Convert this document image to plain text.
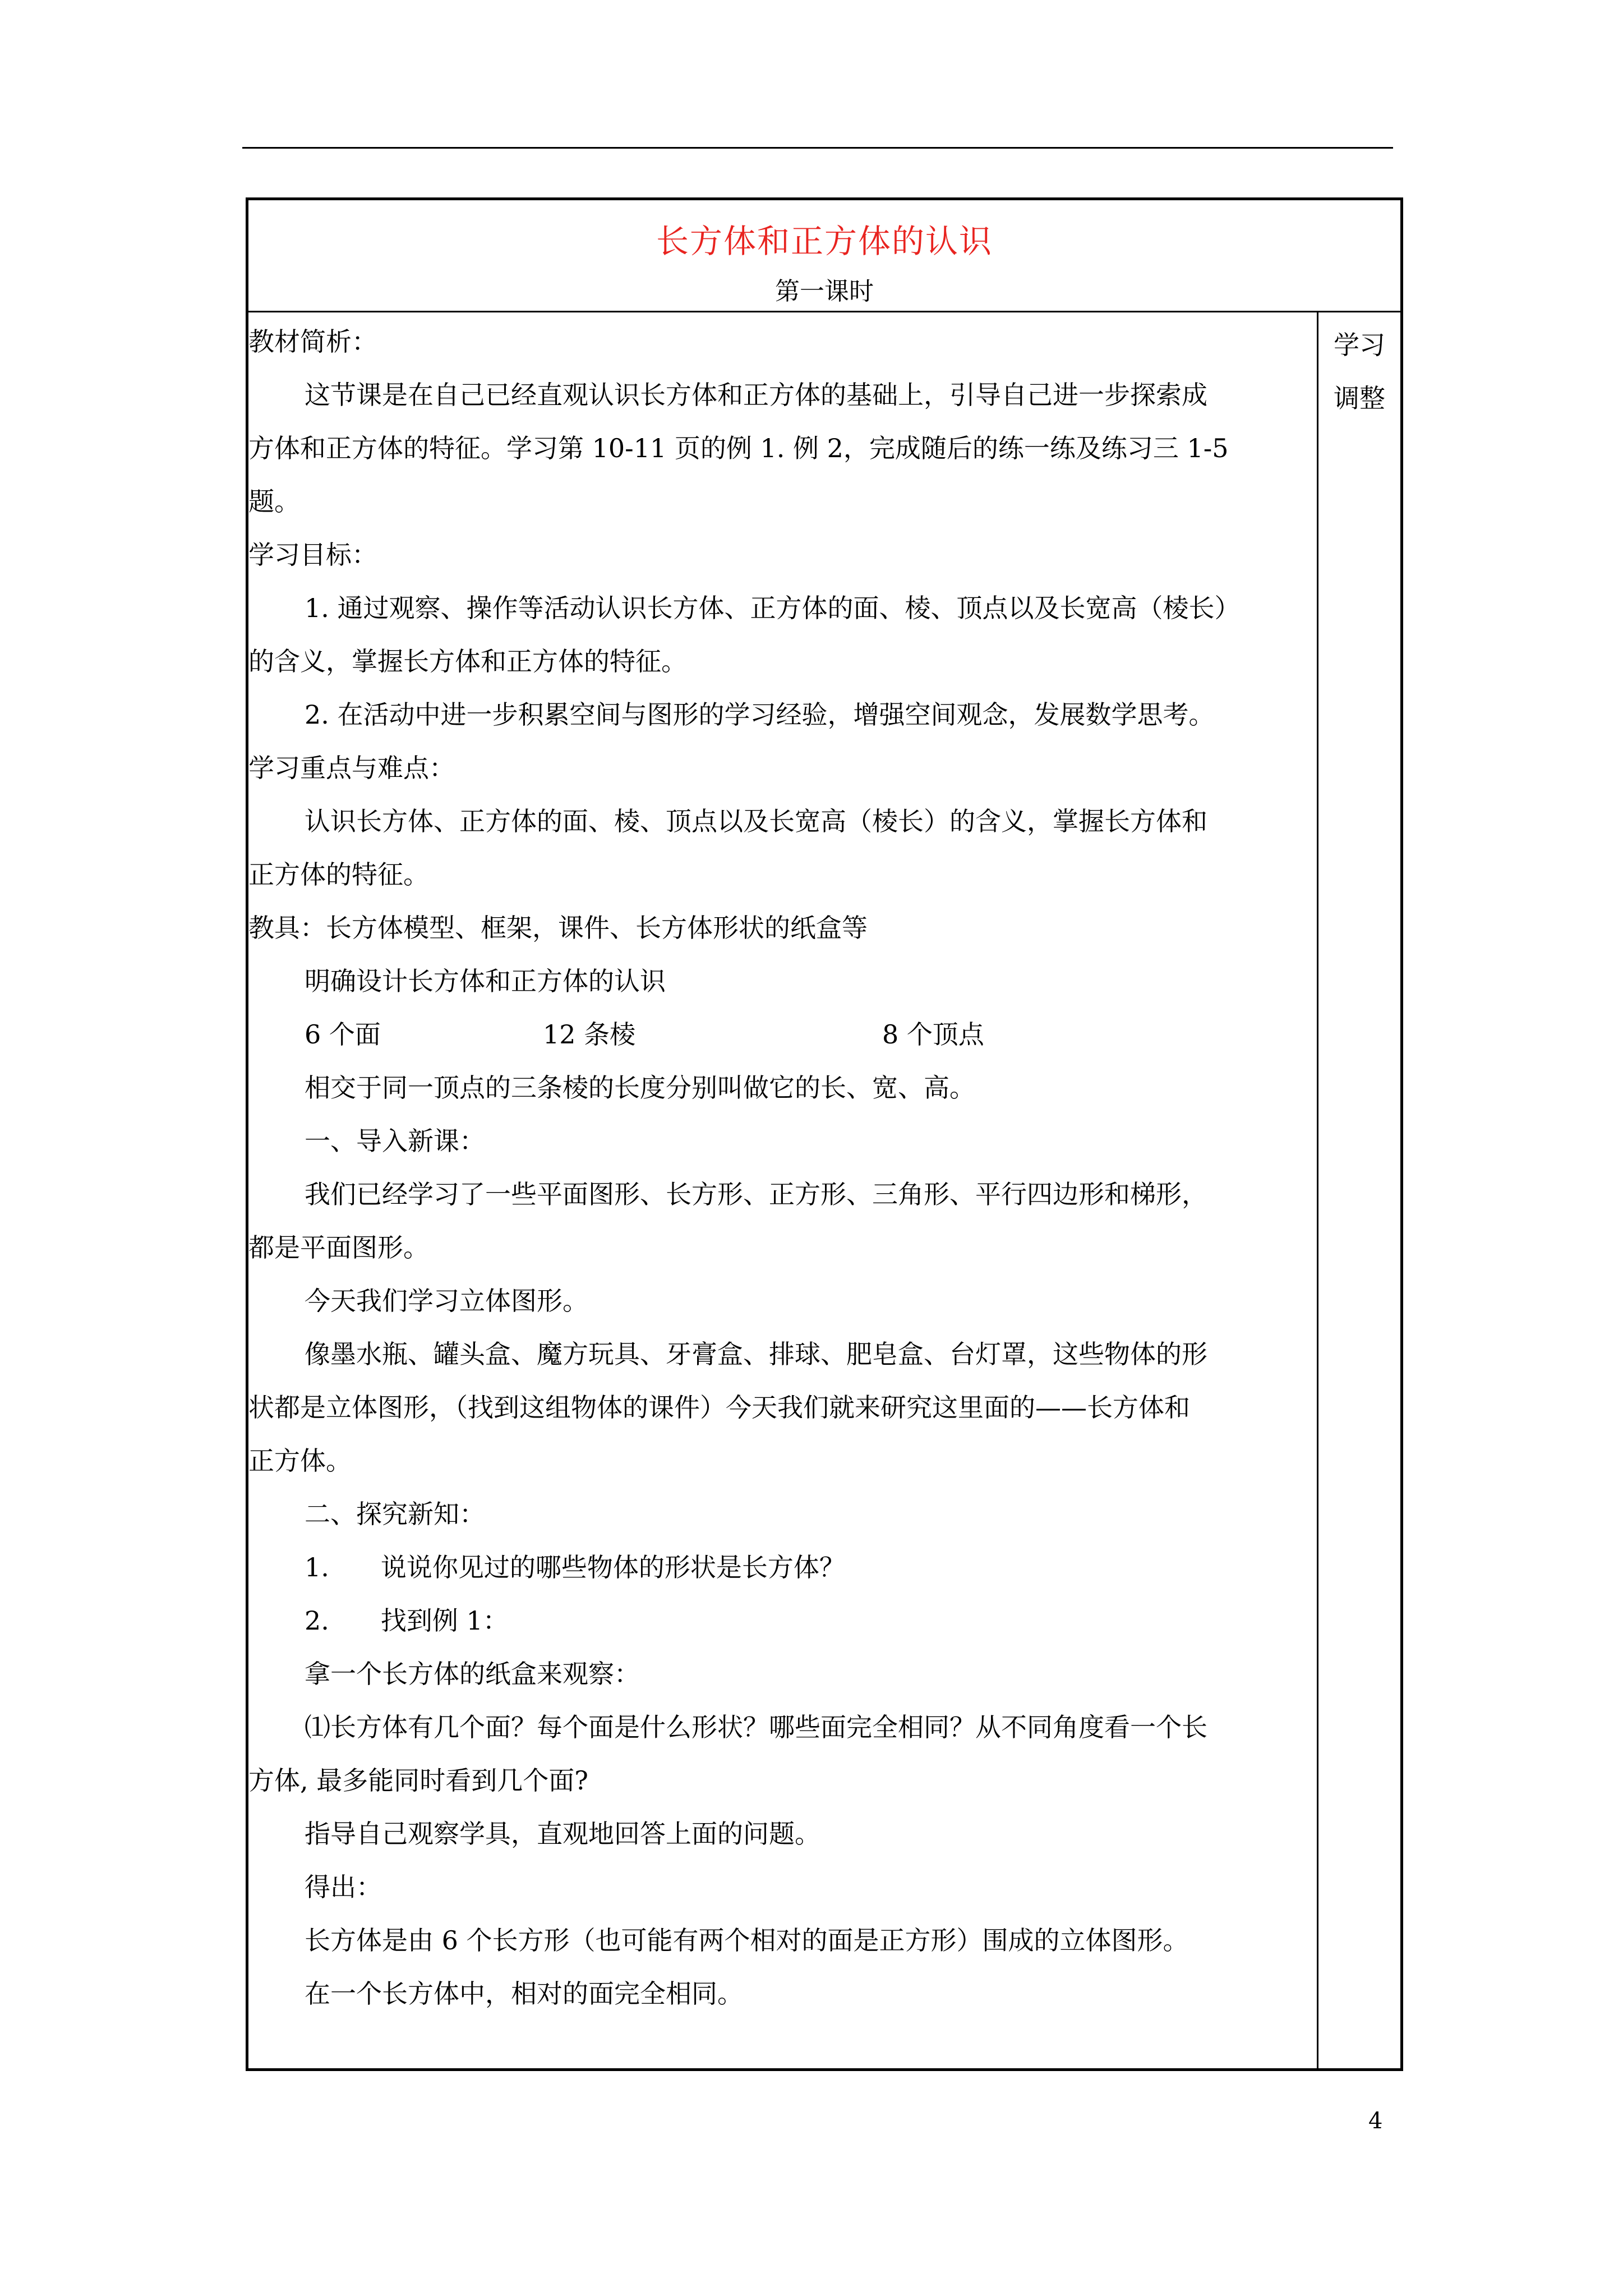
长方体和正方体的认识
第一课时
教材简析：
这节课是在自己已经直观认识长方体和正方体的基础上，引导自己进一步探索成
方体和正方体的特征。学习第 10-11 页的例 1. 例 2，完成随后的练一练及练习三 1-5
题。
学习目标：
1. 通过观察、操作等活动认识长方体、正方体的面、棱、顶点以及长宽高（棱长）
的含义，掌握长方体和正方体的特征。
2. 在活动中进一步积累空间与图形的学习经验，增强空间观念，发展数学思考。
学习重点与难点：
认识长方体、正方体的面、棱、顶点以及长宽高（棱长）的含义，掌握长方体和
正方体的特征。
教具：长方体模型、框架，课件、长方体形状的纸盒等
明确设计长方体和正方体的认识
6 个面	12 条棱	8 个顶点
相交于同一顶点的三条棱的长度分别叫做它的长、宽、高。
一、导入新课：
我们已经学习了一些平面图形、长方形、正方形、三角形、平行四边形和梯形，
都是平面图形。
今天我们学习立体图形。
像墨水瓶、罐头盒、魔方玩具、牙膏盒、排球、肥皂盒、台灯罩，这些物体的形
状都是立体图形，（找到这组物体的课件）今天我们就来研究这里面的——长方体和
正方体。
二、探究新知：
1.　　说说你见过的哪些物体的形状是长方体？
2.　　找到例 1：
拿一个长方体的纸盒来观察：
⑴长方体有几个面？每个面是什么形状？哪些面完全相同？从不同角度看一个长
方体, 最多能同时看到几个面?
指导自己观察学具，直观地回答上面的问题。
得出：
长方体是由 6 个长方形（也可能有两个相对的面是正方形）围成的立体图形。
在一个长方体中，相对的面完全相同。
学习
调整
4
